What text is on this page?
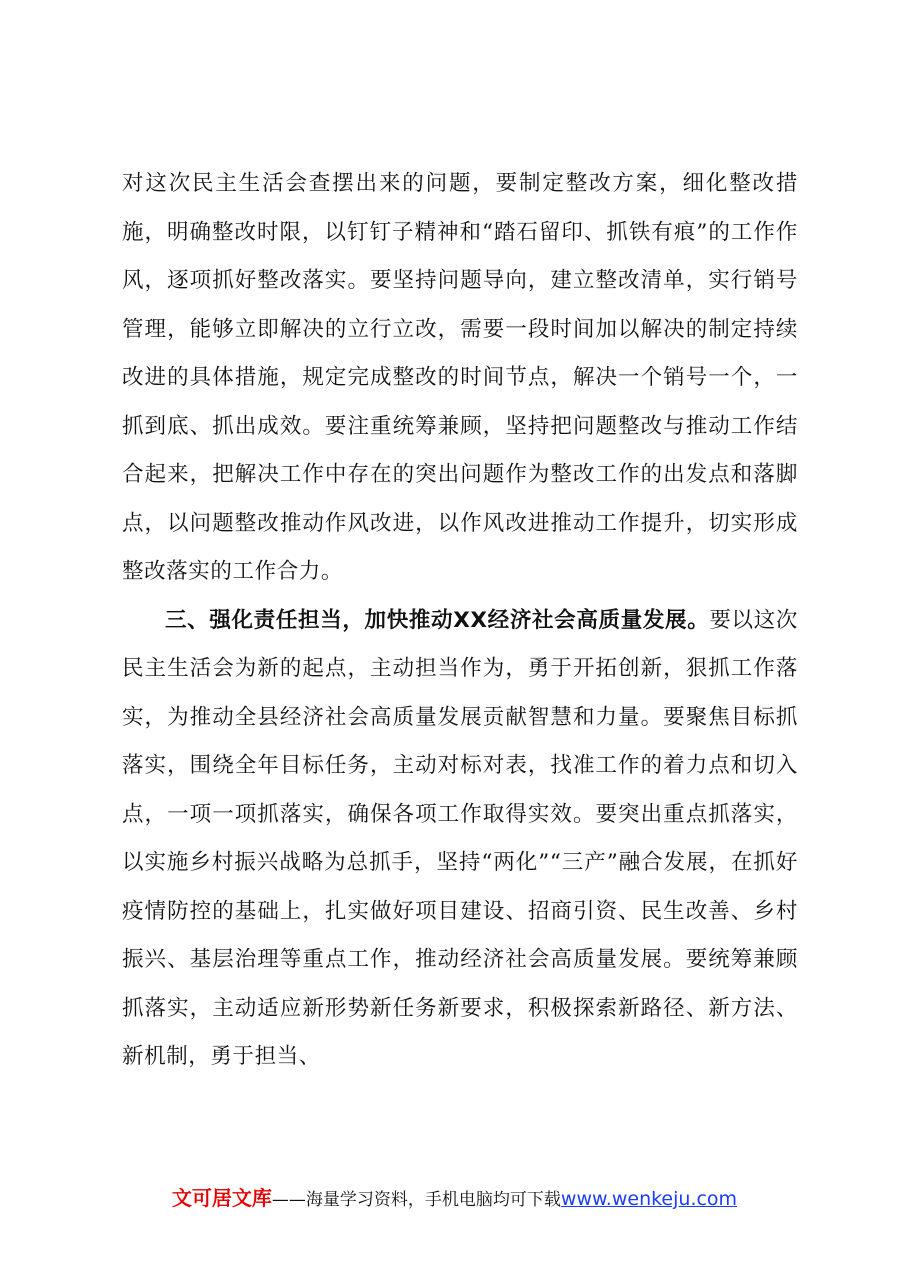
对这次民主生活会查摆出来的问题，要制定整改方案，细化整改措施，明确整改时限，以钉钉子精神和“踏石留印、抓铁有痕”的工作作风，逐项抓好整改落实。要坚持问题导向，建立整改清单，实行销号管理，能够立即解决的立行立改，需要一段时间加以解决的制定持续改进的具体措施，规定完成整改的时间节点，解决一个销号一个，一抓到底、抓出成效。要注重统筹兼顾，坚持把问题整改与推动工作结合起来，把解决工作中存在的突出问题作为整改工作的出发点和落脚点，以问题整改推动作风改进，以作风改进推动工作提升，切实形成整改落实的工作合力。

三、强化责任担当，加快推动XX经济社会高质量发展。要以这次民主生活会为新的起点，主动担当作为，勇于开拓创新，狠抓工作落实，为推动全县经济社会高质量发展贡献智慧和力量。要聚焦目标抓落实，围绕全年目标任务，主动对标对表，找准工作的着力点和切入点，一项一项抓落实，确保各项工作取得实效。要突出重点抓落实，以实施乡村振兴战略为总抓手，坚持“两化”“三产”融合发展，在抓好疫情防控的基础上，扎实做好项目建设、招商引资、民生改善、乡村振兴、基层治理等重点工作，推动经济社会高质量发展。要统筹兼顾抓落实，主动适应新形势新任务新要求，积极探索新路径、新方法、新机制，勇于担当、

文可居文库——海量学习资料，手机电脑均可下载www.wenkeju.com
